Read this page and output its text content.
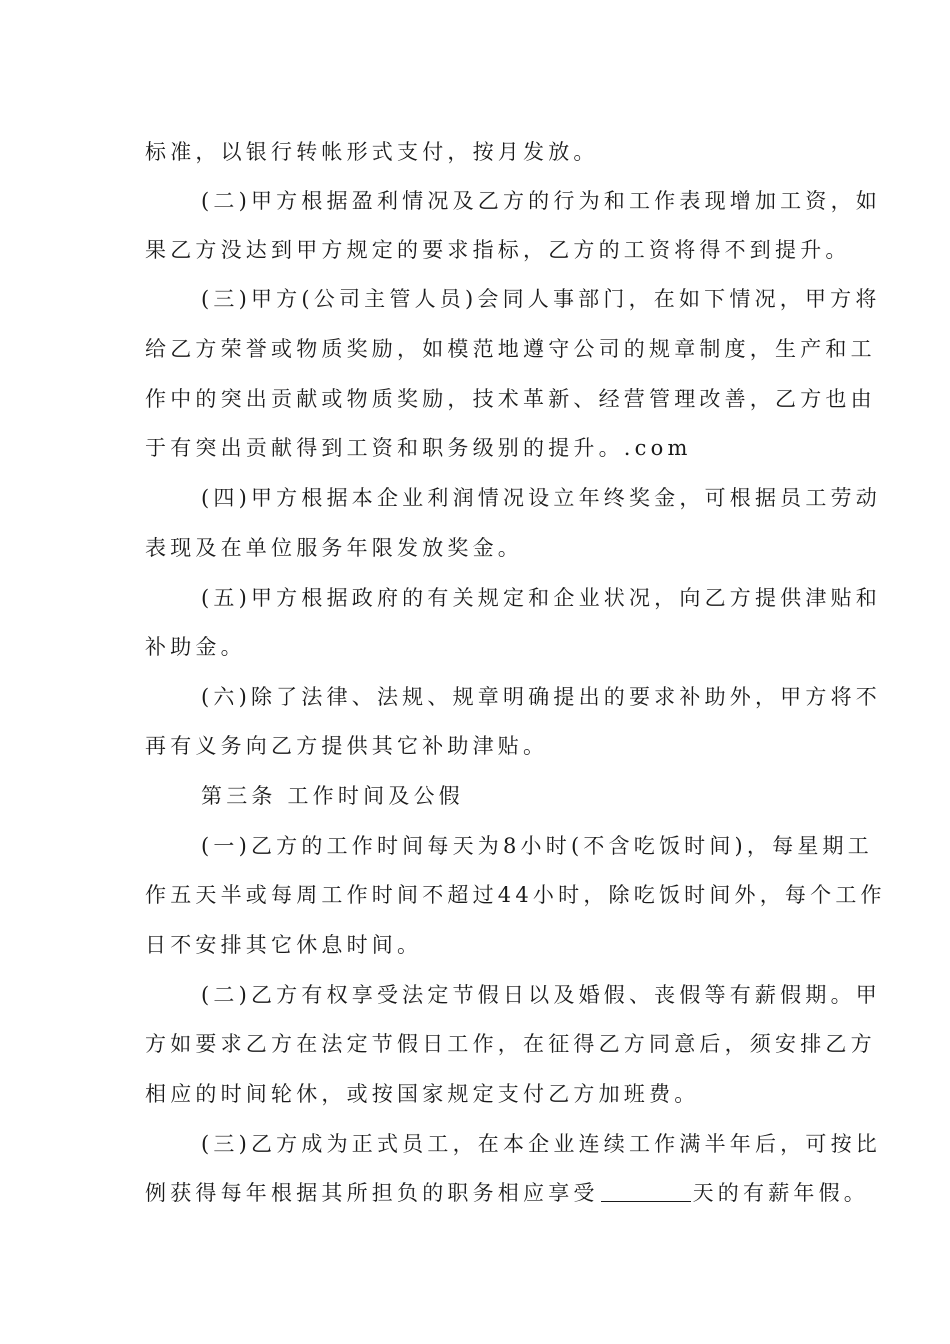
标准，以银行转帐形式支付，按月发放。
(二)甲方根据盈利情况及乙方的行为和工作表现增加工资，如
果乙方没达到甲方规定的要求指标，乙方的工资将得不到提升。
(三)甲方(公司主管人员)会同人事部门，在如下情况，甲方将
给乙方荣誉或物质奖励，如模范地遵守公司的规章制度，生产和工
作中的突出贡献或物质奖励，技术革新、经营管理改善，乙方也由
于有突出贡献得到工资和职务级别的提升。.com
(四)甲方根据本企业利润情况设立年终奖金，可根据员工劳动
表现及在单位服务年限发放奖金。
(五)甲方根据政府的有关规定和企业状况，向乙方提供津贴和
补助金。
(六)除了法律、法规、规章明确提出的要求补助外，甲方将不
再有义务向乙方提供其它补助津贴。
第三条 工作时间及公假
(一)乙方的工作时间每天为8小时(不含吃饭时间)，每星期工
作五天半或每周工作时间不超过44小时，除吃饭时间外，每个工作
日不安排其它休息时间。
(二)乙方有权享受法定节假日以及婚假、丧假等有薪假期。甲
方如要求乙方在法定节假日工作，在征得乙方同意后，须安排乙方
相应的时间轮休，或按国家规定支付乙方加班费。
(三)乙方成为正式员工，在本企业连续工作满半年后，可按比
例获得每年根据其所担负的职务相应享受	天的有薪年假。
